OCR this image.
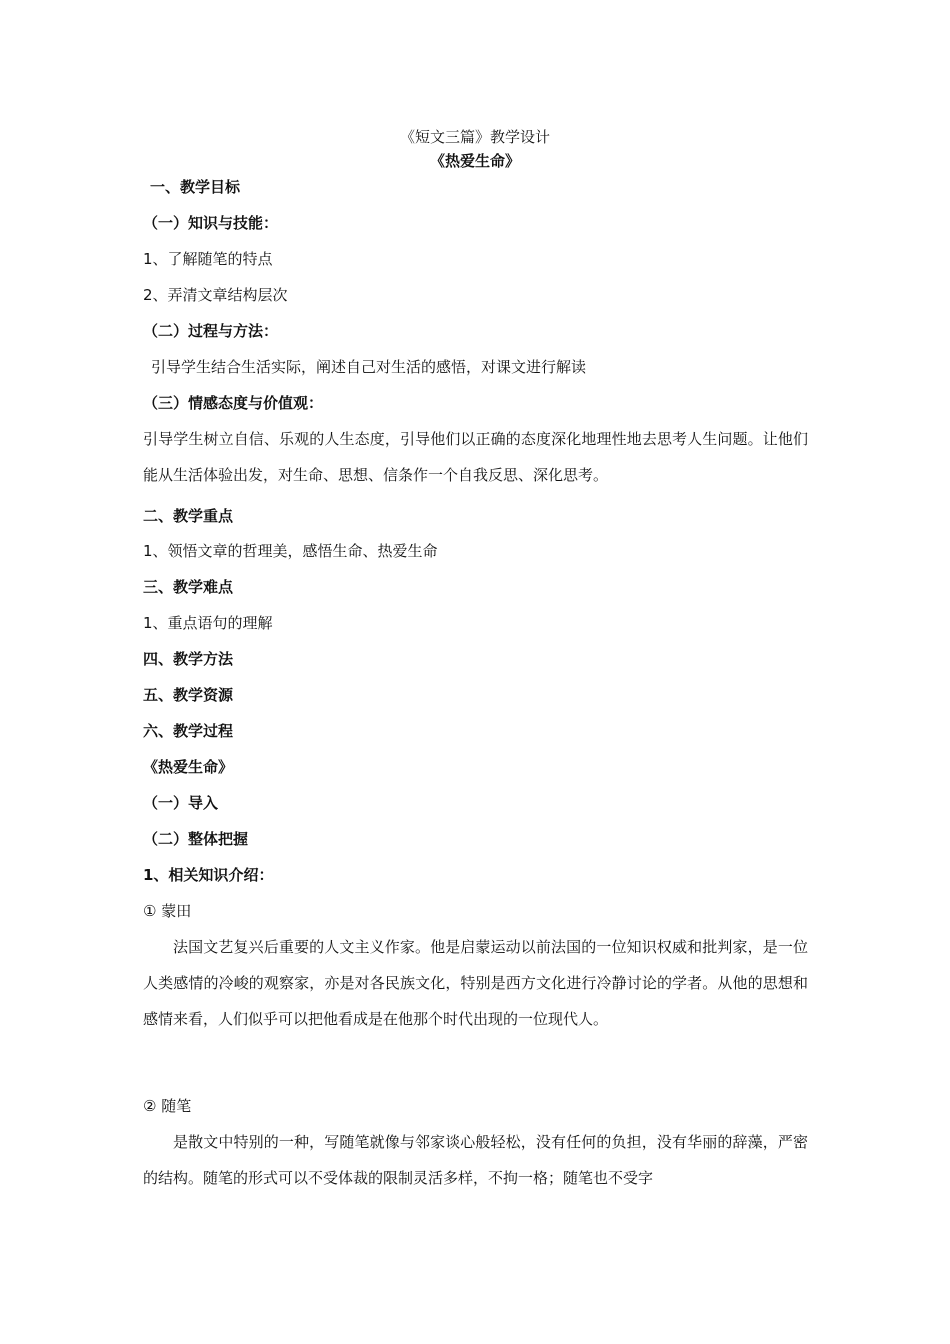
《短文三篇》教学设计
《热爱生命》
一、教学目标
（一）知识与技能：
1、了解随笔的特点
2、弄清文章结构层次
（二）过程与方法：
引导学生结合生活实际，阐述自己对生活的感悟，对课文进行解读
（三）情感态度与价值观：
引导学生树立自信、乐观的人生态度，引导他们以正确的态度深化地理性地去思考人生问题。让他们能从生活体验出发，对生命、思想、信条作一个自我反思、深化思考。
二、教学重点
1、领悟文章的哲理美，感悟生命、热爱生命
三、教学难点
1、重点语句的理解
四、教学方法
五、教学资源
六、教学过程
《热爱生命》
（一）导入
（二）整体把握
1、相关知识介绍：
① 蒙田
法国文艺复兴后重要的人文主义作家。他是启蒙运动以前法国的一位知识权威和批判家，是一位人类感情的冷峻的观察家，亦是对各民族文化，特别是西方文化进行冷静讨论的学者。从他的思想和感情来看，人们似乎可以把他看成是在他那个时代出现的一位现代人。
② 随笔
是散文中特别的一种，写随笔就像与邻家谈心般轻松，没有任何的负担，没有华丽的辞藻，严密的结构。随笔的形式可以不受体裁的限制灵活多样，不拘一格；随笔也不受字
